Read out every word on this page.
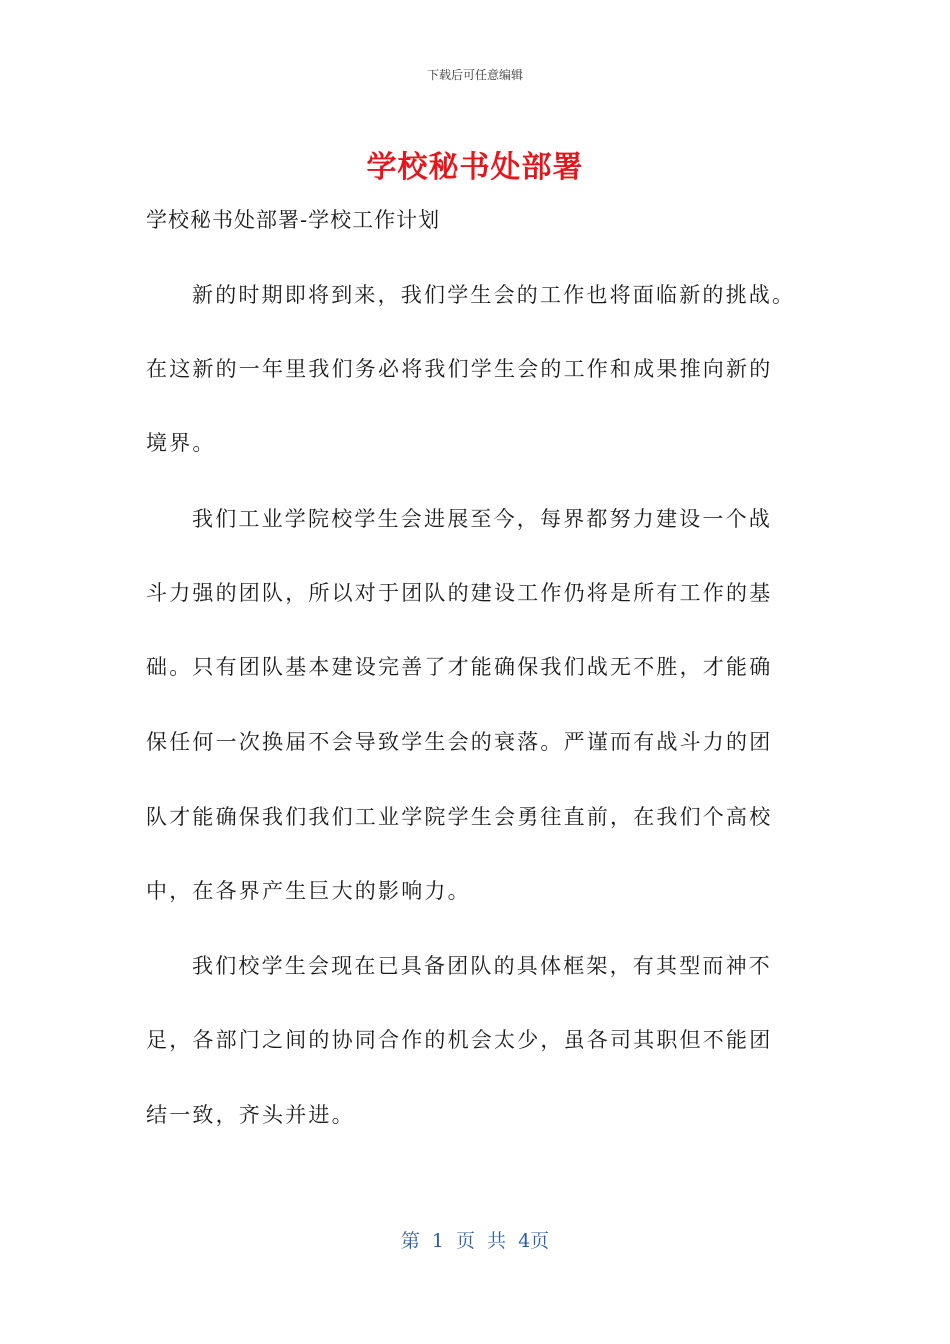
下载后可任意编辑
学校秘书处部署
学校秘书处部署-学校工作计划
新的时期即将到来，我们学生会的工作也将面临新的挑战。
在这新的一年里我们务必将我们学生会的工作和成果推向新的
境界。
我们工业学院校学生会进展至今，每界都努力建设一个战
斗力强的团队，所以对于团队的建设工作仍将是所有工作的基
础。只有团队基本建设完善了才能确保我们战无不胜，才能确
保任何一次换届不会导致学生会的衰落。严谨而有战斗力的团
队才能确保我们我们工业学院学生会勇往直前，在我们个高校
中，在各界产生巨大的影响力。
我们校学生会现在已具备团队的具体框架，有其型而神不
足，各部门之间的协同合作的机会太少，虽各司其职但不能团
结一致，齐头并进。
第 1 页 共 4页
